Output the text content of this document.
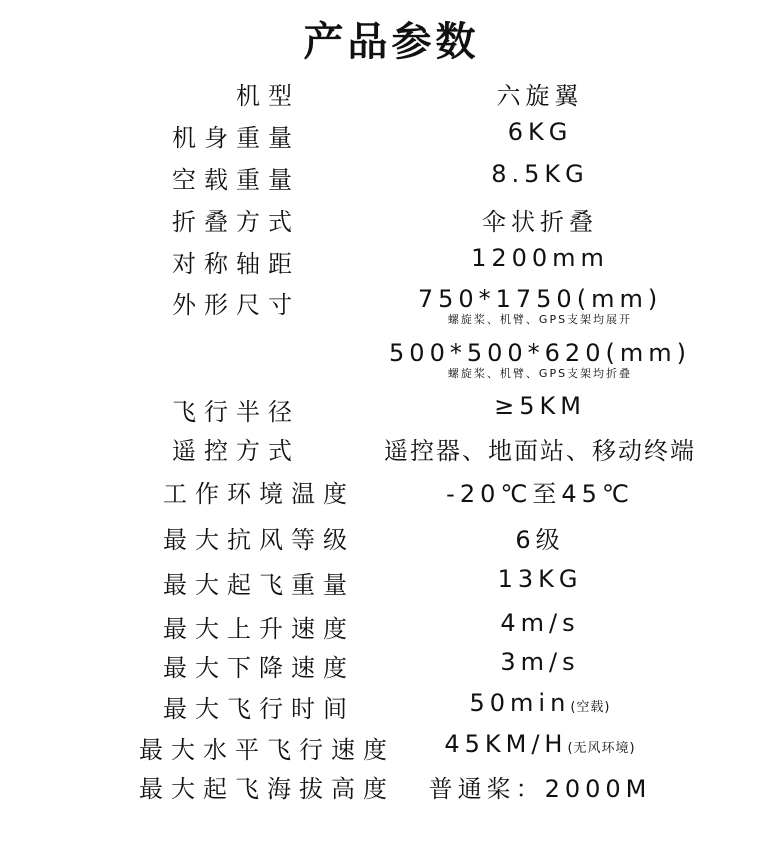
产品参数
机型	六旋翼
机身重量	6KG
空载重量	8.5KG
折叠方式	伞状折叠
对称轴距	1200mm
外形尺寸	750*1750(mm)
螺旋桨、机臂、GPS支架均展开
500*500*620(mm)
螺旋桨、机臂、GPS支架均折叠
飞行半径	≥5KM
遥控方式	遥控器、地面站、移动终端
工作环境温度	-20℃至45℃
最大抗风等级	6级
最大起飞重量	13KG
最大上升速度	4m/s
最大下降速度	3m/s
最大飞行时间	50min(空载)
最大水平飞行速度	45KM/H(无风环境)
最大起飞海拔高度	普通桨：2000M
